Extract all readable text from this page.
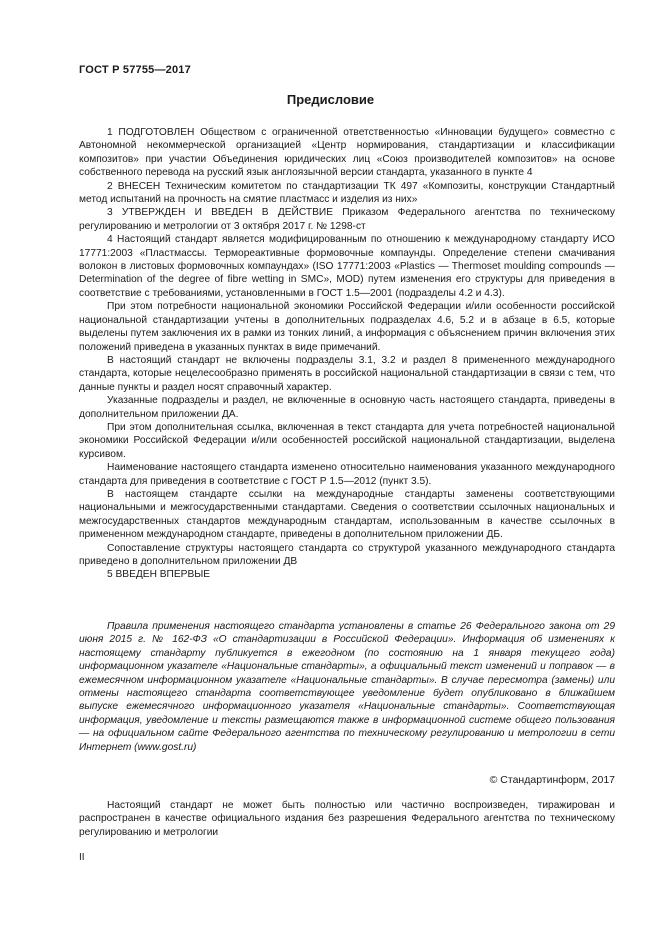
ГОСТ Р 57755—2017
Предисловие

1 ПОДГОТОВЛЕН Обществом с ограниченной ответственностью «Инновации будущего» совместно с Автономной некоммерческой организацией «Центр нормирования, стандартизации и классификации композитов» при участии Объединения юридических лиц «Союз производителей композитов» на основе собственного перевода на русский язык англоязычной версии стандарта, указанного в пункте 4

2 ВНЕСЕН Техническим комитетом по стандартизации ТК 497 «Композиты, конструкции Стандартный метод испытаний на прочность на смятие пластмасс и изделия из них»

3 УТВЕРЖДЕН И ВВЕДЕН В ДЕЙСТВИЕ Приказом Федерального агентства по техническому регулированию и метрологии от 3 октября 2017 г. № 1298-ст

4 Настоящий стандарт является модифицированным по отношению к международному стандарту ИСО 17771:2003 «Пластмассы. Термореактивные формовочные компаунды. Определение степени смачивания волокон в листовых формовочных компаундах» (ISO 17771:2003 «Plastics — Thermoset moulding compounds — Determination of the degree of fibre wetting in SMC», MOD) путем изменения его структуры для приведения в соответствие с требованиями, установленными в ГОСТ 1.5—2001 (подразделы 4.2 и 4.3).

При этом потребности национальной экономики Российской Федерации и/или особенности российской национальной стандартизации учтены в дополнительных подразделах 4.6, 5.2 и в абзаце в 6.5, которые выделены путем заключения их в рамки из тонких линий, а информация с объяснением причин включения этих положений приведена в указанных пунктах в виде примечаний.

В настоящий стандарт не включены подразделы 3.1, 3.2 и раздел 8 примененного международного стандарта, которые нецелесообразно применять в российской национальной стандартизации в связи с тем, что данные пункты и раздел носят справочный характер.

Указанные подразделы и раздел, не включенные в основную часть настоящего стандарта, приведены в дополнительном приложении ДА.

При этом дополнительная ссылка, включенная в текст стандарта для учета потребностей национальной экономики Российской Федерации и/или особенностей российской национальной стандартизации, выделена курсивом.

Наименование настоящего стандарта изменено относительно наименования указанного международного стандарта для приведения в соответствие с ГОСТ Р 1.5—2012 (пункт 3.5).

В настоящем стандарте ссылки на международные стандарты заменены соответствующими национальными и межгосударственными стандартами. Сведения о соответствии ссылочных национальных и межгосударственных стандартов международным стандартам, использованным в качестве ссылочных в примененном международном стандарте, приведены в дополнительном приложении ДБ.

Сопоставление структуры настоящего стандарта со структурой указанного международного стандарта приведено в дополнительном приложении ДВ

5 ВВЕДЕН ВПЕРВЫЕ

Правила применения настоящего стандарта установлены в статье 26 Федерального закона от 29 июня 2015 г. № 162-ФЗ «О стандартизации в Российской Федерации». Информация об изменениях к настоящему стандарту публикуется в ежегодном (по состоянию на 1 января текущего года) информационном указателе «Национальные стандарты», а официальный текст изменений и поправок — в ежемесячном информационном указателе «Национальные стандарты». В случае пересмотра (замены) или отмены настоящего стандарта соответствующее уведомление будет опубликовано в ближайшем выпуске ежемесячного информационного указателя «Национальные стандарты». Соответствующая информация, уведомление и тексты размещаются также в информационной системе общего пользования — на официальном сайте Федерального агентства по техническому регулированию и метрологии в сети Интернет (www.gost.ru)

© Стандартинформ, 2017

Настоящий стандарт не может быть полностью или частично воспроизведен, тиражирован и распространен в качестве официального издания без разрешения Федерального агентства по техническому регулированию и метрологии

II
